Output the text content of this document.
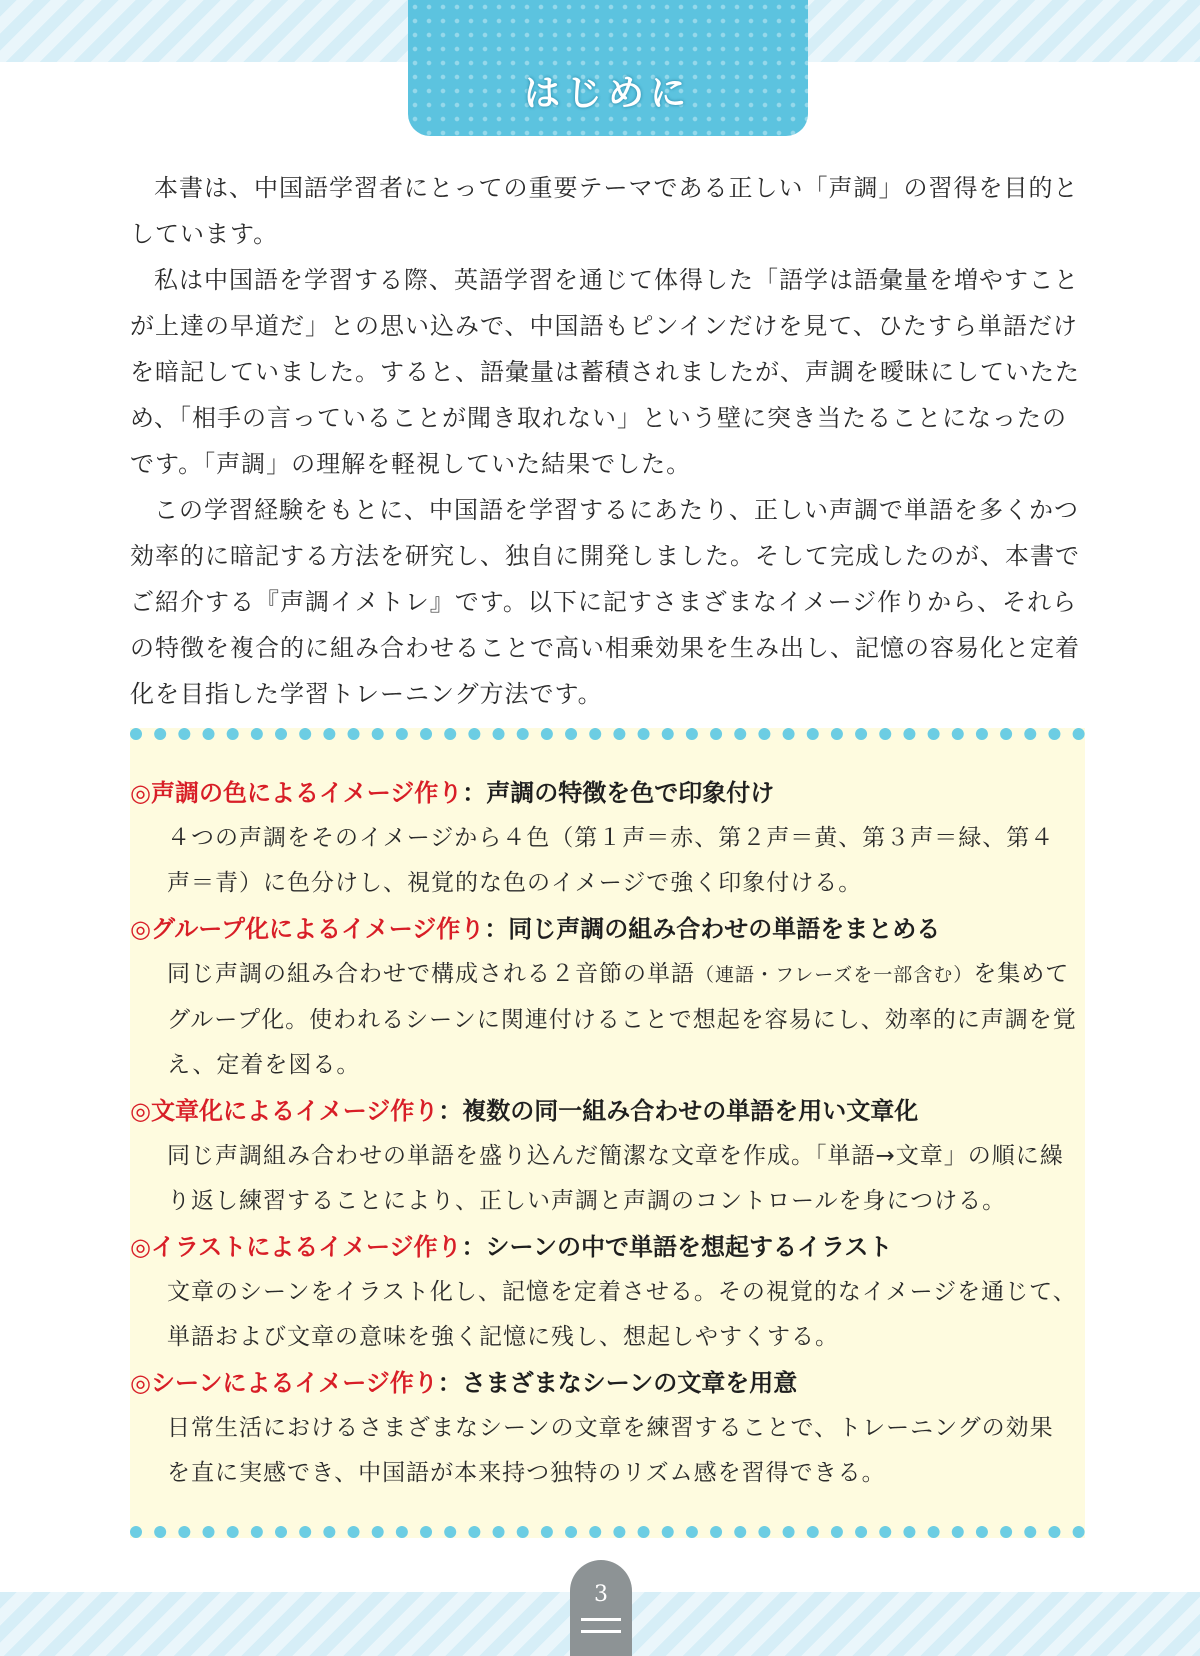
はじめに

本書は、中国語学習者にとっての重要テーマである正しい「声調」の習得を目的としています。

私は中国語を学習する際、英語学習を通じて体得した「語学は語彙量を増やすことが上達の早道だ」との思い込みで、中国語もピンインだけを見て、ひたすら単語だけを暗記していました。すると、語彙量は蓄積されましたが、声調を曖昧にしていたため、「相手の言っていることが聞き取れない」という壁に突き当たることになったのです。「声調」の理解を軽視していた結果でした。

この学習経験をもとに、中国語を学習するにあたり、正しい声調で単語を多くかつ効率的に暗記する方法を研究し、独自に開発しました。そして完成したのが、本書でご紹介する『声調イメトレ』です。以下に記すさまざまなイメージ作りから、それらの特徴を複合的に組み合わせることで高い相乗効果を生み出し、記憶の容易化と定着化を目指した学習トレーニング方法です。

◎声調の色によるイメージ作り：声調の特徴を色で印象付け
４つの声調をそのイメージから４色（第１声＝赤、第２声＝黄、第３声＝緑、第４声＝青）に色分けし、視覚的な色のイメージで強く印象付ける。
◎グループ化によるイメージ作り：同じ声調の組み合わせの単語をまとめる
同じ声調の組み合わせで構成される２音節の単語（連語・フレーズを一部含む）を集めてグループ化。使われるシーンに関連付けることで想起を容易にし、効率的に声調を覚え、定着を図る。
◎文章化によるイメージ作り：複数の同一組み合わせの単語を用い文章化
同じ声調組み合わせの単語を盛り込んだ簡潔な文章を作成。「単語→文章」の順に繰り返し練習することにより、正しい声調と声調のコントロールを身につける。
◎イラストによるイメージ作り：シーンの中で単語を想起するイラスト
文章のシーンをイラスト化し、記憶を定着させる。その視覚的なイメージを通じて、単語および文章の意味を強く記憶に残し、想起しやすくする。
◎シーンによるイメージ作り：さまざまなシーンの文章を用意
日常生活におけるさまざまなシーンの文章を練習することで、トレーニングの効果を直に実感でき、中国語が本来持つ独特のリズム感を習得できる。
3
